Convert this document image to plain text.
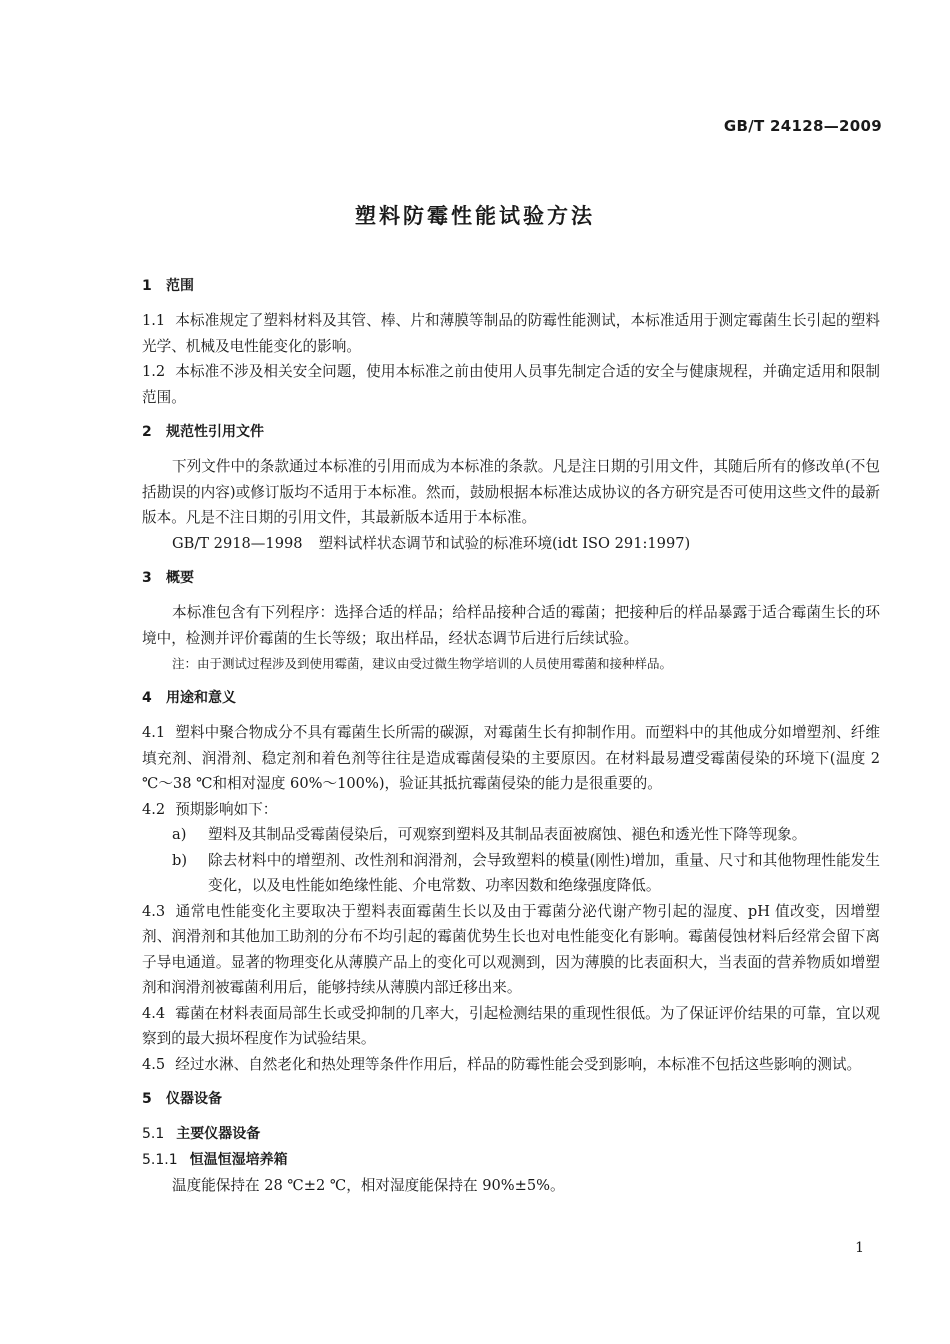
GB/T 24128—2009
塑料防霉性能试验方法
1 范围

1.1 本标准规定了塑料材料及其管、棒、片和薄膜等制品的防霉性能测试，本标准适用于测定霉菌生长引起的塑料光学、机械及电性能变化的影响。

1.2 本标准不涉及相关安全问题，使用本标准之前由使用人员事先制定合适的安全与健康规程，并确定适用和限制范围。

2 规范性引用文件

下列文件中的条款通过本标准的引用而成为本标准的条款。凡是注日期的引用文件，其随后所有的修改单(不包括勘误的内容)或修订版均不适用于本标准。然而，鼓励根据本标准达成协议的各方研究是否可使用这些文件的最新版本。凡是不注日期的引用文件，其最新版本适用于本标准。

GB/T 2918—1998 塑料试样状态调节和试验的标准环境(idt ISO 291:1997)

3 概要

本标准包含有下列程序：选择合适的样品；给样品接种合适的霉菌；把接种后的样品暴露于适合霉菌生长的环境中，检测并评价霉菌的生长等级；取出样品，经状态调节后进行后续试验。

注：由于测试过程涉及到使用霉菌，建议由受过微生物学培训的人员使用霉菌和接种样品。

4 用途和意义

4.1 塑料中聚合物成分不具有霉菌生长所需的碳源，对霉菌生长有抑制作用。而塑料中的其他成分如增塑剂、纤维填充剂、润滑剂、稳定剂和着色剂等往往是造成霉菌侵染的主要原因。在材料最易遭受霉菌侵染的环境下(温度 2 ℃～38 ℃和相对湿度 60%～100%)，验证其抵抗霉菌侵染的能力是很重要的。

4.2 预期影响如下：

a)	塑料及其制品受霉菌侵染后，可观察到塑料及其制品表面被腐蚀、褪色和透光性下降等现象。
b)	除去材料中的增塑剂、改性剂和润滑剂，会导致塑料的模量(刚性)增加，重量、尺寸和其他物理性能发生变化，以及电性能如绝缘性能、介电常数、功率因数和绝缘强度降低。

4.3 通常电性能变化主要取决于塑料表面霉菌生长以及由于霉菌分泌代谢产物引起的湿度、pH 值改变，因增塑剂、润滑剂和其他加工助剂的分布不均引起的霉菌优势生长也对电性能变化有影响。霉菌侵蚀材料后经常会留下离子导电通道。显著的物理变化从薄膜产品上的变化可以观测到，因为薄膜的比表面积大，当表面的营养物质如增塑剂和润滑剂被霉菌利用后，能够持续从薄膜内部迁移出来。

4.4 霉菌在材料表面局部生长或受抑制的几率大，引起检测结果的重现性很低。为了保证评价结果的可靠，宜以观察到的最大损坏程度作为试验结果。

4.5 经过水淋、自然老化和热处理等条件作用后，样品的防霉性能会受到影响，本标准不包括这些影响的测试。

5 仪器设备
5.1 主要仪器设备
5.1.1 恒温恒湿培养箱

温度能保持在 28 ℃±2 ℃，相对湿度能保持在 90%±5%。

1
